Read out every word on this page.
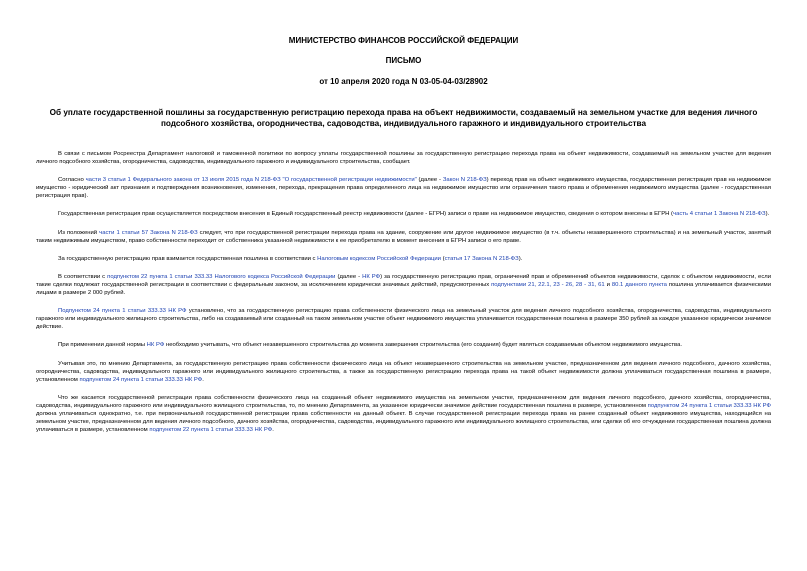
МИНИСТЕРСТВО ФИНАНСОВ РОССИЙСКОЙ ФЕДЕРАЦИИ
ПИСЬМО
от 10 апреля 2020 года N 03-05-04-03/28902
Об уплате государственной пошлины за государственную регистрацию перехода права на объект недвижимости, создаваемый на земельном участке для ведения личного подсобного хозяйства, огородничества, садоводства, индивидуального гаражного и индивидуального строительства

В связи с письмом Росреестра Департамент налоговой и таможенной политики по вопросу уплаты государственной пошлины за государственную регистрацию перехода права на объект недвижимости, создаваемый на земельном участке для ведения личного подсобного хозяйства, огородничества, садоводства, индивидуального гаражного и индивидуального строительства, сообщает.

Согласно части 3 статьи 1 Федерального закона от 13 июля 2015 года N 218-ФЗ "О государственной регистрации недвижимости" (далее - Закон N 218-ФЗ) переход прав на объект недвижимого имущества, государственная регистрация прав на недвижимое имущество - юридический акт признания и подтверждения возникновения, изменения, перехода, прекращения права определенного лица на недвижимое имущество или ограничения такого права и обременения недвижимого имущества (далее - государственная регистрация прав).

Государственная регистрация прав осуществляется посредством внесения в Единый государственный реестр недвижимости (далее - ЕГРН) записи о праве на недвижимое имущество, сведения о котором внесены в ЕГРН (часть 4 статьи 1 Закона N 218-ФЗ).

Из положений части 1 статьи 57 Закона N 218-ФЗ следует, что при государственной регистрации перехода права на здание, сооружение или другое недвижимое имущество (в т.ч. объекты незавершенного строительства) и на земельный участок, занятый таким недвижимым имуществом, право собственности переходит от собственника указанной недвижимости к ее приобретателю в момент внесения в ЕГРН записи о его праве.

За государственную регистрацию прав взимается государственная пошлина в соответствии с Налоговым кодексом Российской Федерации (статья 17 Закона N 218-ФЗ).

В соответствии с подпунктом 22 пункта 1 статьи 333.33 Налогового кодекса Российской Федерации (далее - НК РФ) за государственную регистрацию прав, ограничений прав и обременений объектов недвижимости, сделок с объектом недвижимости, если такие сделки подлежат государственной регистрации в соответствии с федеральным законом, за исключением юридически значимых действий, предусмотренных подпунктами 21, 22.1, 23 - 26, 28 - 31, 61 и 80.1 данного пункта пошлина уплачивается физическими лицами в размере 2 000 рублей.

Подпунктом 24 пункта 1 статьи 333.33 НК РФ установлено, что за государственную регистрацию права собственности физического лица на земельный участок для ведения личного подсобного хозяйства, огородничества, садоводства, индивидуального гаражного или индивидуального жилищного строительства, либо на создаваемый или созданный на таком земельном участке объект недвижимого имущества уплачивается государственная пошлина в размере 350 рублей за каждое указанное юридически значимое действие.

При применении данной нормы НК РФ необходимо учитывать, что объект незавершенного строительства до момента завершения строительства (его создания) будет являться создаваемым объектом недвижимого имущества.

Учитывая это, по мнению Департамента, за государственную регистрацию права собственности физического лица на объект незавершенного строительства на земельном участке, предназначенном для ведения личного подсобного, дачного хозяйства, огородничества, садоводства, индивидуального гаражного или индивидуального жилищного строительства, а также за государственную регистрацию перехода права на такой объект недвижимости должна уплачиваться государственная пошлина в размере, установленном подпунктом 24 пункта 1 статьи 333.33 НК РФ.

Что же касается государственной регистрации права собственности физического лица на созданный объект недвижимого имущества на земельном участке, предназначенном для ведения личного подсобного, дачного хозяйства, огородничества, садоводства, индивидуального гаражного или индивидуального жилищного строительства, то, по мнению Департамента, за указанное юридически значимое действие государственная пошлина в размере, установленном подпунктом 24 пункта 1 статьи 333.33 НК РФ должна уплачиваться однократно, т.е. при первоначальной государственной регистрации права собственности на данный объект. В случае государственной регистрации перехода права на ранее созданный объект недвижимого имущества, находящийся на земельном участке, предназначенном для ведения личного подсобного, дачного хозяйства, огородничества, садоводства, индивидуального гаражного или индивидуального жилищного строительства, или сделки об его отчуждении государственная пошлина должна уплачиваться в размере, установленном подпунктом 22 пункта 1 статьи 333.33 НК РФ.
